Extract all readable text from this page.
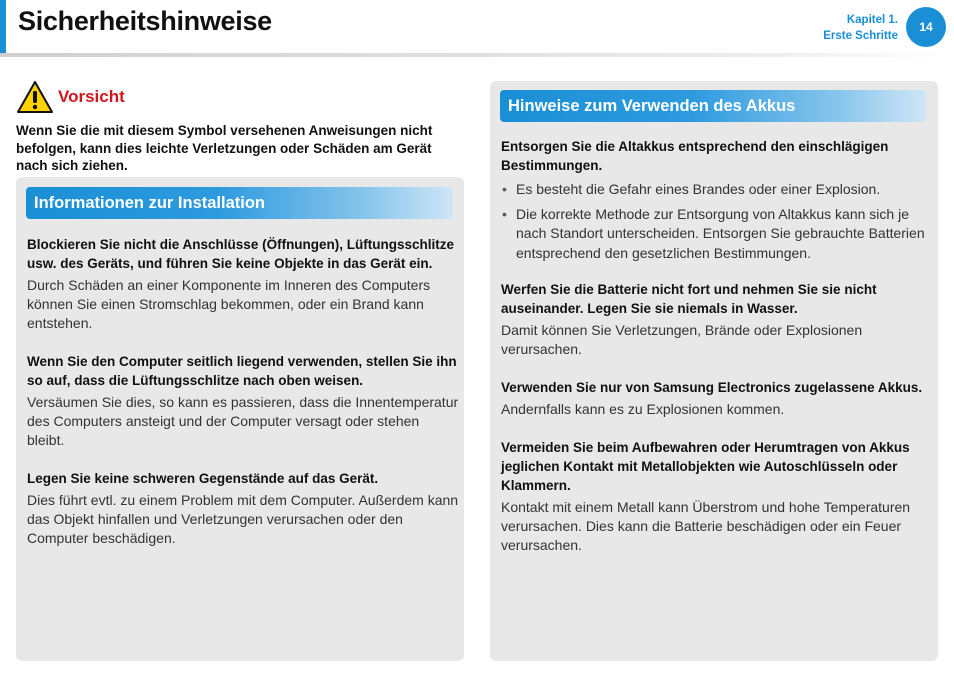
Sicherheitshinweise	Kapitel 1.
Erste Schritte
14
Vorsicht
Wenn Sie die mit diesem Symbol versehenen Anweisungen nicht befolgen, kann dies leichte Verletzungen oder Schäden am Gerät nach sich ziehen.
Informationen zur Installation
Blockieren Sie nicht die Anschlüsse (Öffnungen), Lüftungsschlitze usw. des Geräts, und führen Sie keine Objekte in das Gerät ein.

Durch Schäden an einer Komponente im Inneren des Computers können Sie einen Stromschlag bekommen, oder ein Brand kann entstehen.

Wenn Sie den Computer seitlich liegend verwenden, stellen Sie ihn so auf, dass die Lüftungsschlitze nach oben weisen.

Versäumen Sie dies, so kann es passieren, dass die Innentemperatur des Computers ansteigt und der Computer versagt oder stehen bleibt.

Legen Sie keine schweren Gegenstände auf das Gerät.

Dies führt evtl. zu einem Problem mit dem Computer. Außerdem kann das Objekt hinfallen und Verletzungen verursachen oder den Computer beschädigen.

Hinweise zum Verwenden des Akkus
Entsorgen Sie die Altakkus entsprechend den einschlägigen Bestimmungen.
• Es besteht die Gefahr eines Brandes oder einer Explosion.
• Die korrekte Methode zur Entsorgung von Altakkus kann sich je nach Standort unterscheiden. Entsorgen Sie gebrauchte Batterien entsprechend den gesetzlichen Bestimmungen.
Werfen Sie die Batterie nicht fort und nehmen Sie sie nicht auseinander. Legen Sie sie niemals in Wasser.

Damit können Sie Verletzungen, Brände oder Explosionen verursachen.

Verwenden Sie nur von Samsung Electronics zugelassene Akkus.

Andernfalls kann es zu Explosionen kommen.

Vermeiden Sie beim Aufbewahren oder Herumtragen von Akkus jeglichen Kontakt mit Metallobjekten wie Autoschlüsseln oder Klammern.

Kontakt mit einem Metall kann Überstrom und hohe Temperaturen verursachen. Dies kann die Batterie beschädigen oder ein Feuer verursachen.
